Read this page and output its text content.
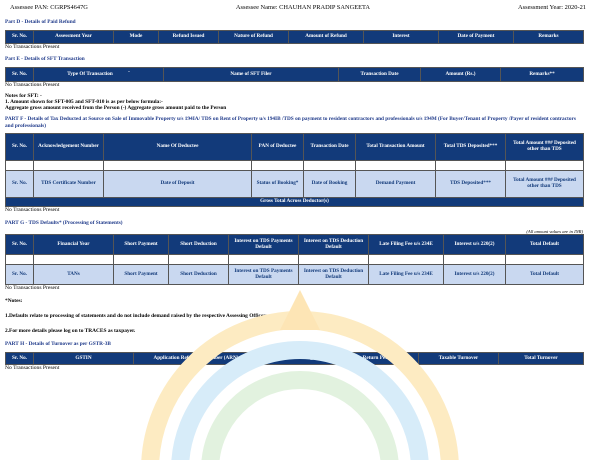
Assessee PAN: CGRPS4647G	Assessee Name: CHAUHAN PRADIP SANGEETA	Assessment Year: 2020-21
Part D - Details of Paid Refund
Sr. No.	Assessment Year	Mode	Refund Issued	Nature of Refund	Amount of Refund	Interest	Date of Payment	Remarks
No Transactions Present
Part E - Details of SFT Transaction
Sr. No.	Type Of Transaction	ˆ	Name of SFT Filer	Transaction Date	Amount (Rs.)	Remarks**
No Transactions Present
Notes for SFT: -
1. Amount shown for SFT-005 and SFT-010 is as per below formula:-
Aggregate gross amount received from the Person (-) Aggregate gross amount paid to the Person
PART F - Details of Tax Deducted at Source on Sale of Immovable Property u/s 194IA/ TDS on Rent of Property u/s 194IB /TDS on payment to resident contractors and professionals u/s 194M (For Buyer/Tenant of Property /Payer of resident contractors and professionals)
Sr. No.	Acknowledgement Number	Name Of Deductee	PAN of Deductee	Transaction Date	Total Transaction Amount	Total TDS Deposited***	Total Amount ### Deposited other than TDS

Sr. No.	TDS Certificate Number	Date of Deposit	Status of Booking*	Date of Booking	Demand Payment	TDS Deposited***	Total Amount ### Deposited other than TDS
Gross Total Across Deductor(s)							
No Transactions Present
PART G - TDS Defaults* (Processing of Statements)
(All amount values are in INR)
Sr. No.	Financial Year	Short Payment	Short Deduction	Interest on TDS Payments Default	Interest on TDS Deduction Default	Late Filing Fee u/s 234E	Interest u/s 220(2)	Total Default

Sr. No.	TANs	Short Payment	Short Deduction	Interest on TDS Payments Default	Interest on TDS Deduction Default	Late Filing Fee u/s 234E	Interest u/s 220(2)	Total Default
No Transactions Present
*Notes:
1.Defaults relate to processing of statements and do not include demand raised by the respective Assessing Officers.
2.For more details please log on to TRACES as taxpayer.
PART H - Details of Turnover as per GSTR-3B
Sr. No.	GSTIN	Application Reference Number (ARN)	Date of filing	Return Period	Taxable Turnover	Total Turnover
No Transactions Present
